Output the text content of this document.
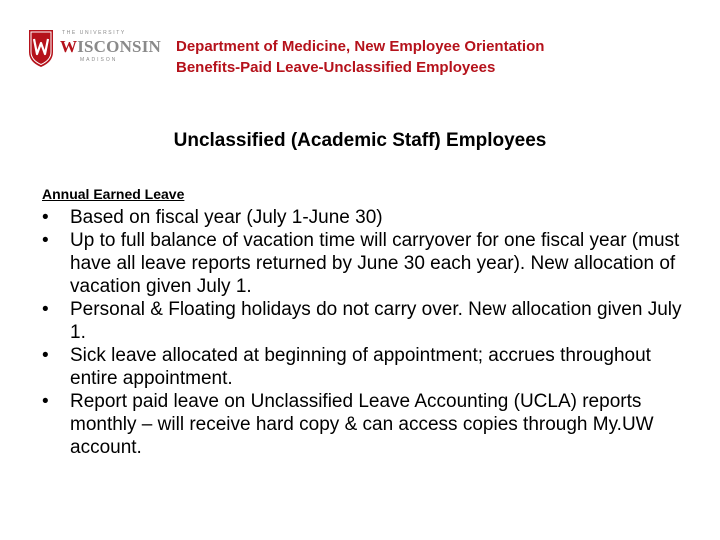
THE UNIVERSITY
WISCONSIN
MADISON
Department of Medicine, New Employee Orientation
Benefits-Paid Leave-Unclassified Employees
Unclassified (Academic Staff) Employees
Annual Earned Leave
• Based on fiscal year (July 1-June 30)
• Up to full balance of vacation time will carryover for one fiscal year (must have all leave reports returned by June 30 each year). New allocation of vacation given July 1.
• Personal & Floating holidays do not carry over. New allocation given July 1.
• Sick leave allocated at beginning of appointment; accrues throughout entire appointment.
• Report paid leave on Unclassified Leave Accounting (UCLA) reports monthly – will receive hard copy & can access copies through My.UW account.
